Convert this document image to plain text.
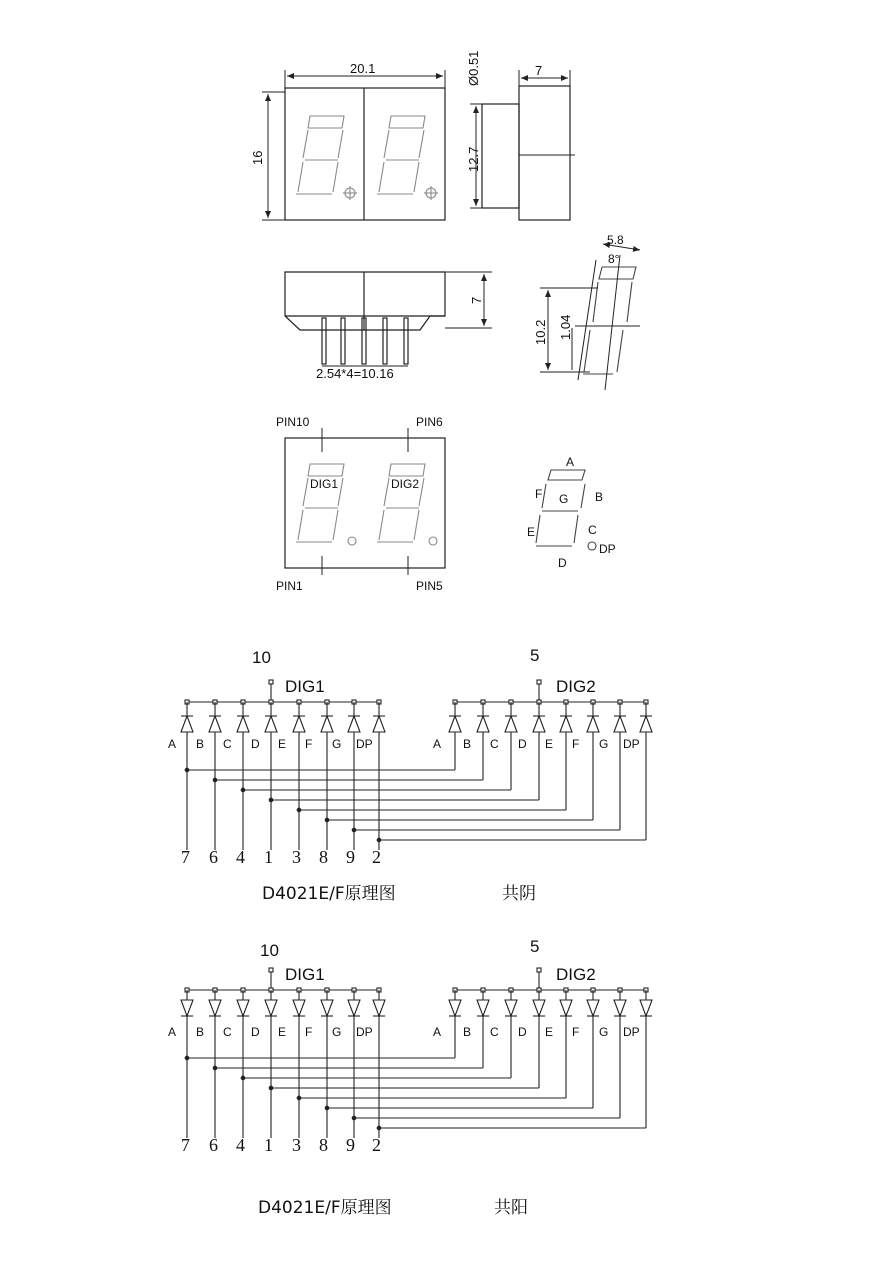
20.1
16
7
12.7
Ø0.51
7
2.54*4=10.16
5.8
8°
10.2 1.04
PIN10	PIN6
PIN1	PIN5
DIG1	DIG2
A
B
C
D
E
F G
DP
10	5
DIG1	DIG2
A B C D E F G DP	A B C D E F G DP
7 6 4 1 3 8 9 2
D4021E/F原理图	共阴
10	5
DIG1	DIG2
A B C D E F G DP	A B C D E F G DP
7 6 4 1 3 8 9 2
D4021E/F原理图	共阳
